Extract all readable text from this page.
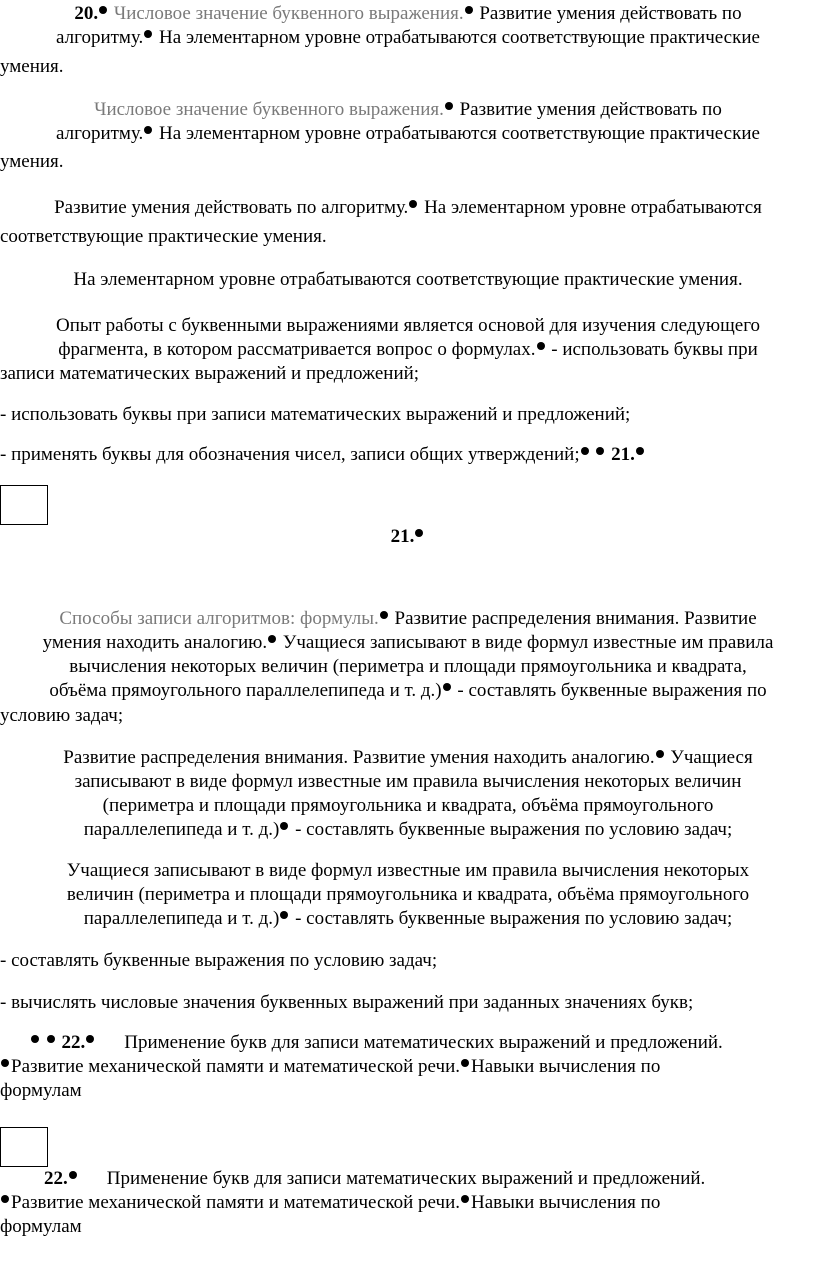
20. Числовое значение буквенного выражения. Развитие умения действовать по
алгоритму. На элементарном уровне отрабатываются соответствующие практические
умения.
Числовое значение буквенного выражения. Развитие умения действовать по
алгоритму. На элементарном уровне отрабатываются соответствующие практические
умения.
Развитие умения действовать по алгоритму. На элементарном уровне отрабатываются
соответствующие практические умения.
На элементарном уровне отрабатываются соответствующие практические умения.
Опыт работы с буквенными выражениями является основой для изучения следующего
фрагмента, в котором рассматривается вопрос о формулах. - использовать буквы при
записи математических выражений и предложений;
- использовать буквы при записи математических выражений и предложений;
- применять буквы для обозначения чисел, записи общих утверждений; 21.
21.
Способы записи алгоритмов: формулы. Развитие распределения внимания. Развитие
умения находить аналогию. Учащиеся записывают в виде формул известные им правила
вычисления некоторых величин (периметра и площади прямоугольника и квадрата,
объёма прямоугольного параллелепипеда и т. д.) - составлять буквенные выражения по
условию задач;
Развитие распределения внимания. Развитие умения находить аналогию. Учащиеся
записывают в виде формул известные им правила вычисления некоторых величин
(периметра и площади прямоугольника и квадрата, объёма прямоугольного
параллелепипеда и т. д.) - составлять буквенные выражения по условию задач;
Учащиеся записывают в виде формул известные им правила вычисления некоторых
величин (периметра и площади прямоугольника и квадрата, объёма прямоугольного
параллелепипеда и т. д.) - составлять буквенные выражения по условию задач;
- составлять буквенные выражения по условию задач;
- вычислять числовые значения буквенных выражений при заданных значениях букв;
22. Применение букв для записи математических выражений и предложений.
Развитие механической памяти и математической речи. Навыки вычисления по
формулам
22. Применение букв для записи математических выражений и предложений.
Развитие механической памяти и математической речи. Навыки вычисления по
формулам
